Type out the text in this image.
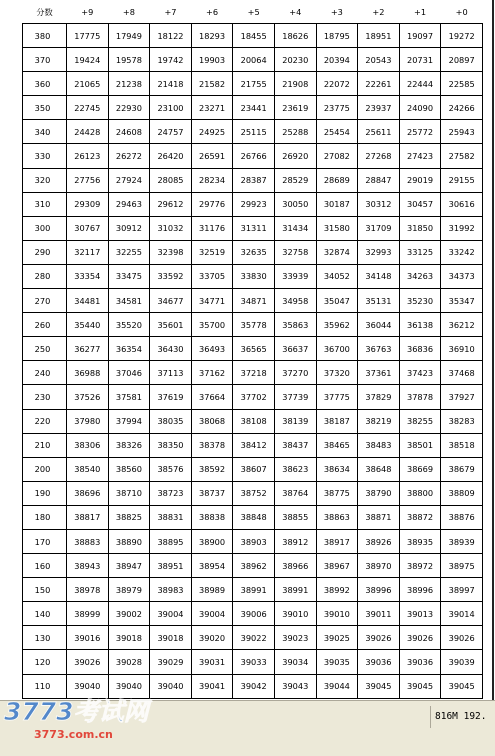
分数	+9	+8	+7	+6	+5	+4	+3	+2	+1	+0
380	17775	17949	18122	18293	18455	18626	18795	18951	19097	19272
370	19424	19578	19742	19903	20064	20230	20394	20543	20731	20897
360	21065	21238	21418	21582	21755	21908	22072	22261	22444	22585
350	22745	22930	23100	23271	23441	23619	23775	23937	24090	24266
340	24428	24608	24757	24925	25115	25288	25454	25611	25772	25943
330	26123	26272	26420	26591	26766	26920	27082	27268	27423	27582
320	27756	27924	28085	28234	28387	28529	28689	28847	29019	29155
310	29309	29463	29612	29776	29923	30050	30187	30312	30457	30616
300	30767	30912	31032	31176	31311	31434	31580	31709	31850	31992
290	32117	32255	32398	32519	32635	32758	32874	32993	33125	33242
280	33354	33475	33592	33705	33830	33939	34052	34148	34263	34373
270	34481	34581	34677	34771	34871	34958	35047	35131	35230	35347
260	35440	35520	35601	35700	35778	35863	35962	36044	36138	36212
250	36277	36354	36430	36493	36565	36637	36700	36763	36836	36910
240	36988	37046	37113	37162	37218	37270	37320	37361	37423	37468
230	37526	37581	37619	37664	37702	37739	37775	37829	37878	37927
220	37980	37994	38035	38068	38108	38139	38187	38219	38255	38283
210	38306	38326	38350	38378	38412	38437	38465	38483	38501	38518
200	38540	38560	38576	38592	38607	38623	38634	38648	38669	38679
190	38696	38710	38723	38737	38752	38764	38775	38790	38800	38809
180	38817	38825	38831	38838	38848	38855	38863	38871	38872	38876
170	38883	38890	38895	38900	38903	38912	38917	38926	38935	38939
160	38943	38947	38951	38954	38962	38966	38967	38970	38972	38975
150	38978	38979	38983	38989	38991	38991	38992	38996	38996	38997
140	38999	39002	39004	39004	39006	39010	39010	39011	39013	39014
130	39016	39018	39018	39020	39022	39023	39025	39026	39026	39026
120	39026	39028	39029	39031	39033	39034	39035	39036	39036	39039
110	39040	39040	39040	39041	39042	39043	39044	39045	39045	39045
816M 192.
3773考试网
3773.com.cn
